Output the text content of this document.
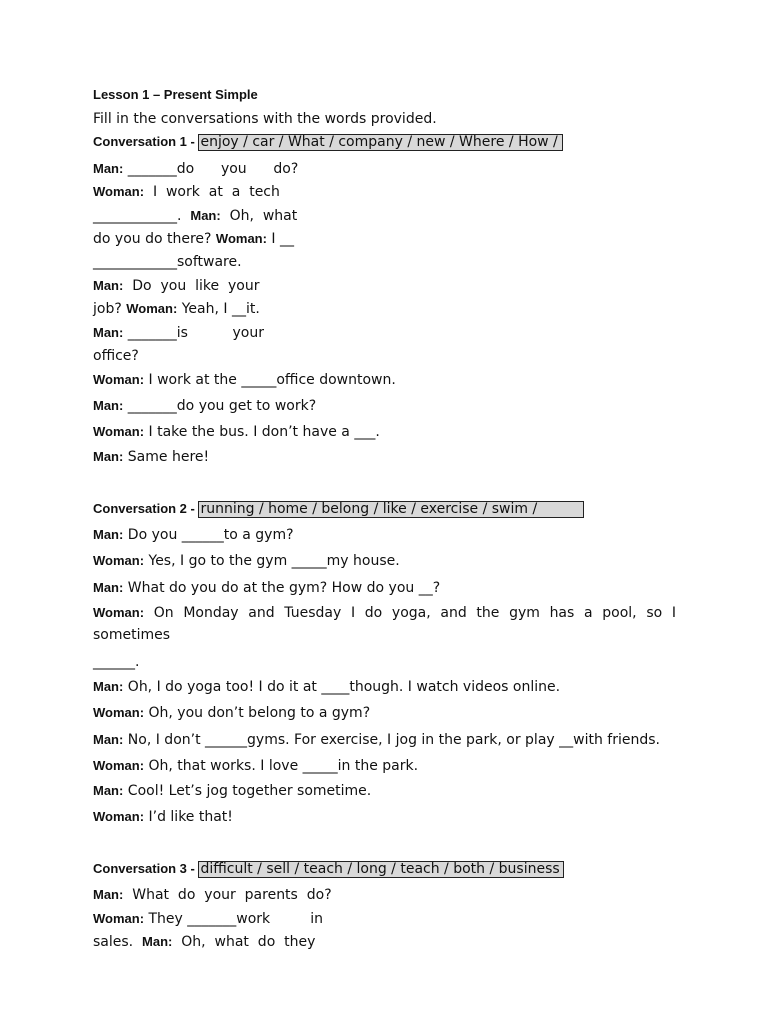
Lesson 1 – Present Simple
Fill in the conversations with the words provided.
Conversation 1 - enjoy / car / What / company / new / Where / How /
Man: _______do      you      do?
Woman:  I  work  at  a  tech
____________.  Man:  Oh,  what
do you do there? Woman: I __
____________software.
Man:  Do  you  like  your
job? Woman: Yeah, I __it.
Man: _______is          your
office?
Woman: I work at the _____office downtown.
Man: _______do you get to work?
Woman: I take the bus. I don’t have a ___.
Man: Same here!
Conversation 2 - running / home / belong / like / exercise / swim /
Man: Do you ______to a gym?
Woman: Yes, I go to the gym _____my house.
Man: What do you do at the gym? How do you __?
Woman: On Monday and Tuesday I do yoga, and the gym has a pool, so I sometimes
______.
Man: Oh, I do yoga too! I do it at ____though. I watch videos online.
Woman: Oh, you don’t belong to a gym?
Man: No, I don’t ______gyms. For exercise, I jog in the park, or play __with friends.
Woman: Oh, that works. I love _____in the park.
Man: Cool! Let’s jog together sometime.
Woman: I’d like that!
Conversation 3 - difficult / sell / teach / long / teach / both / business
Man:  What  do  your  parents  do?
Woman: They _______work         in
sales.  Man:  Oh,  what  do  they
